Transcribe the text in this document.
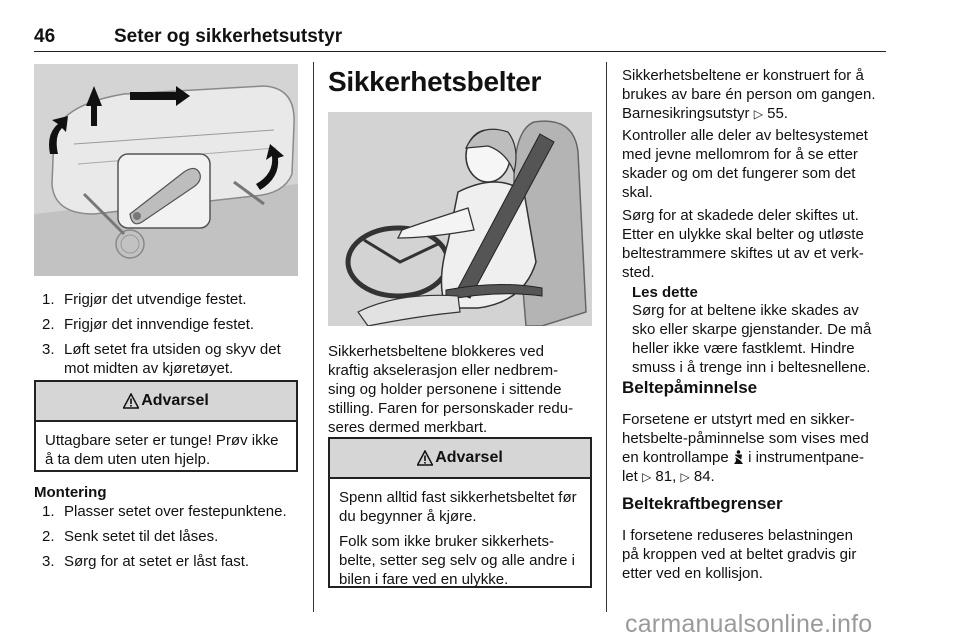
46	Seter og sikkerhetsutstyr
1. Frigjør det utvendige festet.
2. Frigjør det innvendige festet.
3. Løft setet fra utsiden og skyv det mot midten av kjøretøyet.
Advarsel

Uttagbare seter er tunge! Prøv ikke å ta dem uten uten hjelp.

Montering
1. Plasser setet over festepunktene.
2. Senk setet til det låses.
3. Sørg for at setet er låst fast.
Sikkerhetsbelter
Sikkerhetsbeltene blokkeres ved
kraftig akselerasjon eller nedbrem-
sing og holder personene i sittende
stilling. Faren for personskader redu-
seres dermed merkbart.
Advarsel

Spenn alltid fast sikkerhetsbeltet før du begynner å kjøre.

Folk som ikke bruker sikkerhets-belte, setter seg selv og alle andre i bilen i fare ved en ulykke.

Sikkerhetsbeltene er konstruert for å
brukes av bare én person om gangen.
Barnesikringsutstyr ▷ 55.
Kontroller alle deler av beltesystemet
med jevne mellomrom for å se etter
skader og om det fungerer som det
skal.
Sørg for at skadede deler skiftes ut.
Etter en ulykke skal belter og utløste
beltestrammere skiftes ut av et verk-
sted.
Les dette
Sørg for at beltene ikke skades av
sko eller skarpe gjenstander. De må
heller ikke være fastklemt. Hindre
smuss i å trenge inn i beltesnellene.
Beltepåminnelse
Forsetene er utstyrt med en sikker-
hetsbelte-påminnelse som vises med
en kontrollampe  i instrumentpane-
let ▷ 81, ▷ 84.
Beltekraftbegrenser
I forsetene reduseres belastningen
på kroppen ved at beltet gradvis gir
etter ved en kollisjon.
carmanualsonline.info
